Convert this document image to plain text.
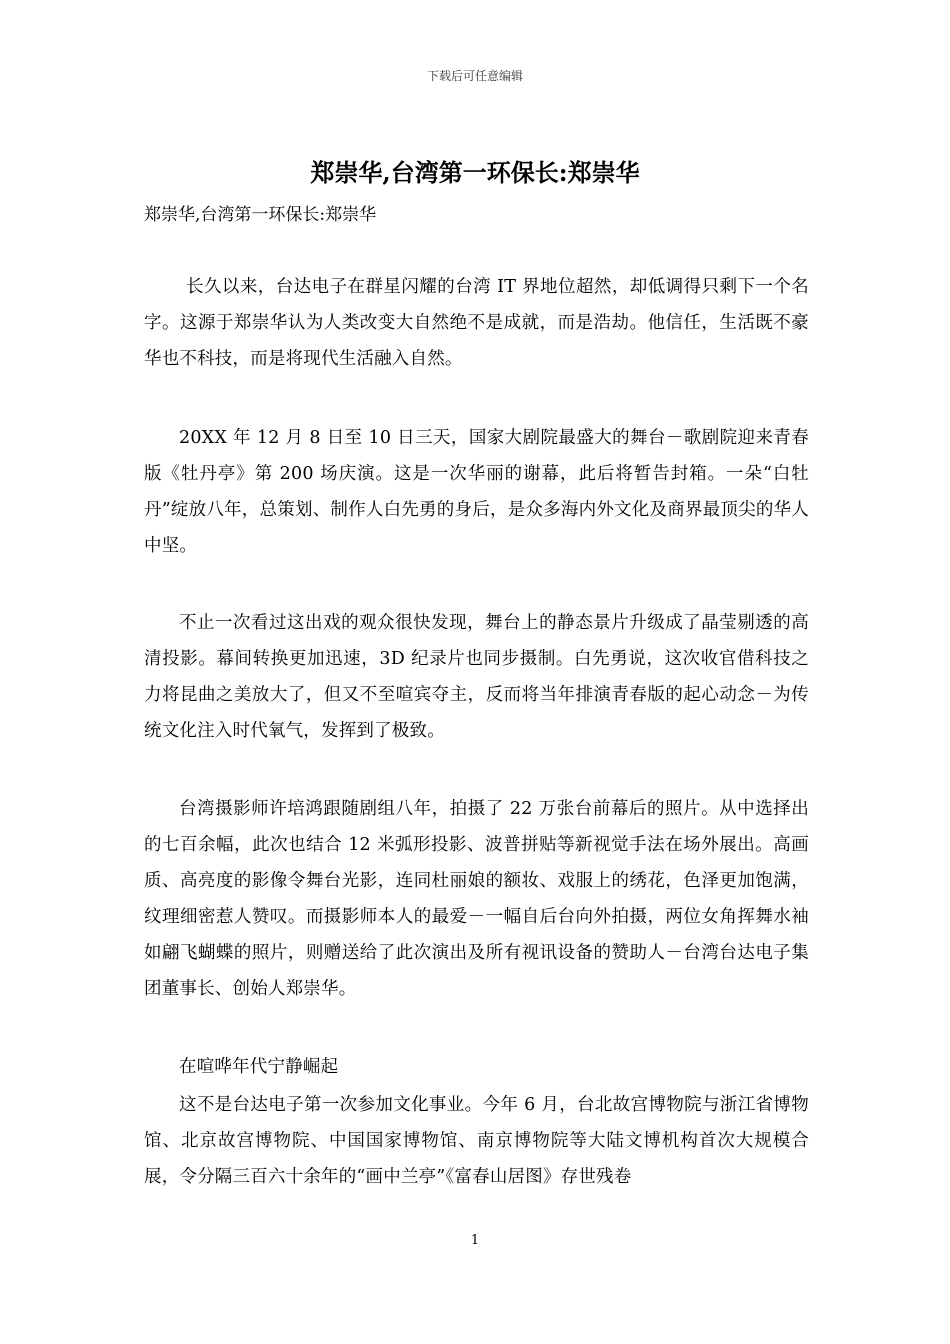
下载后可任意编辑
郑崇华,台湾第一环保长:郑崇华

郑崇华,台湾第一环保长:郑崇华

长久以来，台达电子在群星闪耀的台湾 IT 界地位超然，却低调得只剩下一个名字。这源于郑崇华认为人类改变大自然绝不是成就，而是浩劫。他信任，生活既不豪华也不科技，而是将现代生活融入自然。

20XX 年 12 月 8 日至 10 日三天，国家大剧院最盛大的舞台－歌剧院迎来青春版《牡丹亭》第 200 场庆演。这是一次华丽的谢幕，此后将暂告封箱。一朵“白牡丹”绽放八年，总策划、制作人白先勇的身后，是众多海内外文化及商界最顶尖的华人中坚。

不止一次看过这出戏的观众很快发现，舞台上的静态景片升级成了晶莹剔透的高清投影。幕间转换更加迅速，3D 纪录片也同步摄制。白先勇说，这次收官借科技之力将昆曲之美放大了，但又不至喧宾夺主，反而将当年排演青春版的起心动念－为传统文化注入时代氧气，发挥到了极致。

台湾摄影师许培鸿跟随剧组八年，拍摄了 22 万张台前幕后的照片。从中选择出的七百余幅，此次也结合 12 米弧形投影、波普拼贴等新视觉手法在场外展出。高画质、高亮度的影像令舞台光影，连同杜丽娘的额妆、戏服上的绣花，色泽更加饱满，纹理细密惹人赞叹。而摄影师本人的最爱－一幅自后台向外拍摄，两位女角挥舞水袖如翩飞蝴蝶的照片，则赠送给了此次演出及所有视讯设备的赞助人－台湾台达电子集团董事长、创始人郑崇华。

在喧哗年代宁静崛起

这不是台达电子第一次参加文化事业。今年 6 月，台北故宫博物院与浙江省博物馆、北京故宫博物院、中国国家博物馆、南京博物院等大陆文博机构首次大规模合展，令分隔三百六十余年的“画中兰亭”《富春山居图》存世残卷

1
